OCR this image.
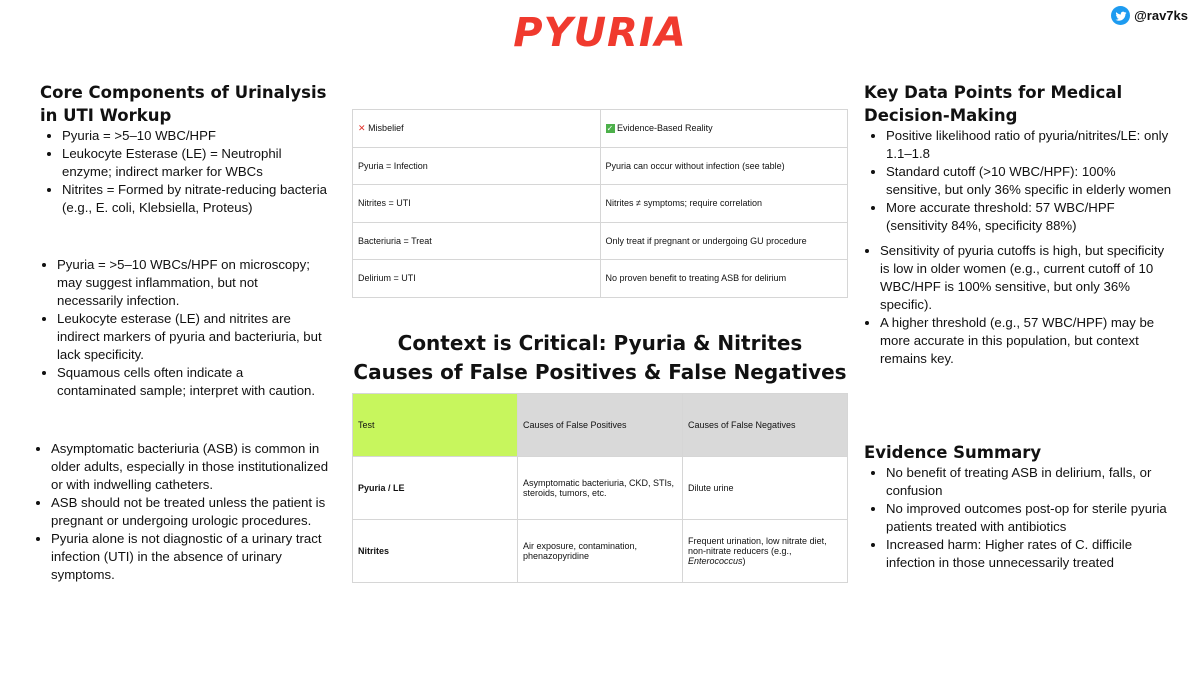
PYURIA	@rav7ks
Core Components of Urinalysis in UTI Workup
• Pyuria = >5–10 WBC/HPF
• Leukocyte Esterase (LE) = Neutrophil enzyme; indirect marker for WBCs
• Nitrites = Formed by nitrate-reducing bacteria (e.g., E. coli, Klebsiella, Proteus)
• Pyuria = >5–10 WBCs/HPF on microscopy; may suggest inflammation, but not necessarily infection.
• Leukocyte esterase (LE) and nitrites are indirect markers of pyuria and bacteriuria, but lack specificity.
• Squamous cells often indicate a contaminated sample; interpret with caution.
• Asymptomatic bacteriuria (ASB) is common in older adults, especially in those institutionalized or with indwelling catheters.
• ASB should not be treated unless the patient is pregnant or undergoing urologic procedures.
• Pyuria alone is not diagnostic of a urinary tract infection (UTI) in the absence of urinary symptoms.
✕ Misbelief	✓ Evidence-Based Reality
Pyuria = Infection	Pyuria can occur without infection (see table)
Nitrites = UTI	Nitrites ≠ symptoms; require correlation
Bacteriuria = Treat	Only treat if pregnant or undergoing GU procedure
Delirium = UTI	No proven benefit to treating ASB for delirium
Context is Critical: Pyuria & Nitrites
Causes of False Positives & False Negatives
Test	Causes of False Positives	Causes of False Negatives
Pyuria / LE	Asymptomatic bacteriuria, CKD, STIs, steroids, tumors, etc.	Dilute urine
Nitrites	Air exposure, contamination, phenazopyridine	Frequent urination, low nitrate diet, non-nitrate reducers (e.g., Enterococcus)
Key Data Points for Medical Decision-Making
• Positive likelihood ratio of pyuria/nitrites/LE: only 1.1–1.8
• Standard cutoff (>10 WBC/HPF): 100% sensitive, but only 36% specific in elderly women
• More accurate threshold: 57 WBC/HPF (sensitivity 84%, specificity 88%)
• Sensitivity of pyuria cutoffs is high, but specificity is low in older women (e.g., current cutoff of 10 WBC/HPF is 100% sensitive, but only 36% specific).
• A higher threshold (e.g., 57 WBC/HPF) may be more accurate in this population, but context remains key.
Evidence Summary
• No benefit of treating ASB in delirium, falls, or confusion
• No improved outcomes post-op for sterile pyuria patients treated with antibiotics
• Increased harm: Higher rates of C. difficile infection in those unnecessarily treated
